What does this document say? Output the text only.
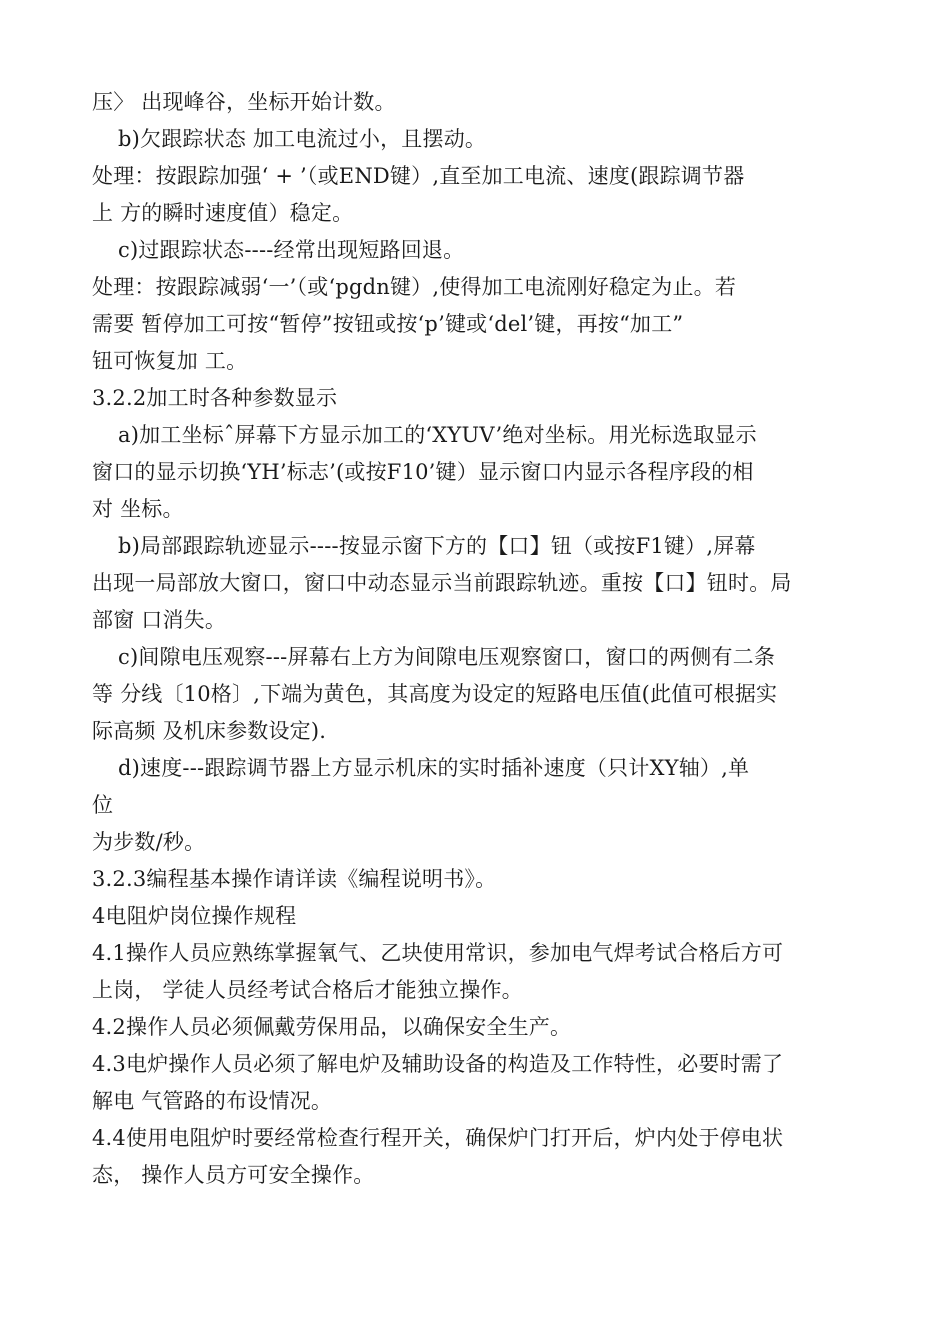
压〉 出现峰谷，坐标开始计数。
b)欠跟踪状态 加工电流过小，且摆动。
处理：按跟踪加强‘ + ’（或END键）,直至加工电流、速度(跟踪调节器
上 方的瞬时速度值）稳定。
c)过跟踪状态----经常出现短路回退。
处理：按跟踪减弱‘一’（或‘pgdn键）,使得加工电流刚好稳定为止。若
需要 暂停加工可按“暂停”按钮或按‘p’键或‘del’键，再按“加工”
钮可恢复加 工。
3.2.2加工时各种参数显示
a)加工坐标ˆ屏幕下方显示加工的‘XYUV’绝对坐标。用光标选取显示
窗口的显示切换‘YH’标志’(或按F10’键）显示窗口内显示各程序段的相
对 坐标。
b)局部跟踪轨迹显示----按显示窗下方的【口】钮（或按F1键）,屏幕
出现一局部放大窗口，窗口中动态显示当前跟踪轨迹。重按【口】钮时。局
部窗 口消失。
c)间隙电压观察---屏幕右上方为间隙电压观察窗口，窗口的两侧有二条
等 分线〔10格〕,下端为黄色，其高度为设定的短路电压值(此值可根据实
际高频 及机床参数设定).
d)速度---跟踪调节器上方显示机床的实时插补速度（只计XY轴）,单
位
为步数/秒。
3.2.3编程基本操作请详读《编程说明书》。
4电阻炉岗位操作规程
4.1操作人员应熟练掌握氧气、乙块使用常识，参加电气焊考试合格后方可
上岗， 学徒人员经考试合格后才能独立操作。
4.2操作人员必须佩戴劳保用品，以确保安全生产。
4.3电炉操作人员必须了解电炉及辅助设备的构造及工作特性，必要时需了
解电 气管路的布设情况。
4.4使用电阻炉时要经常检查行程开关，确保炉门打开后，炉内处于停电状
态， 操作人员方可安全操作。
